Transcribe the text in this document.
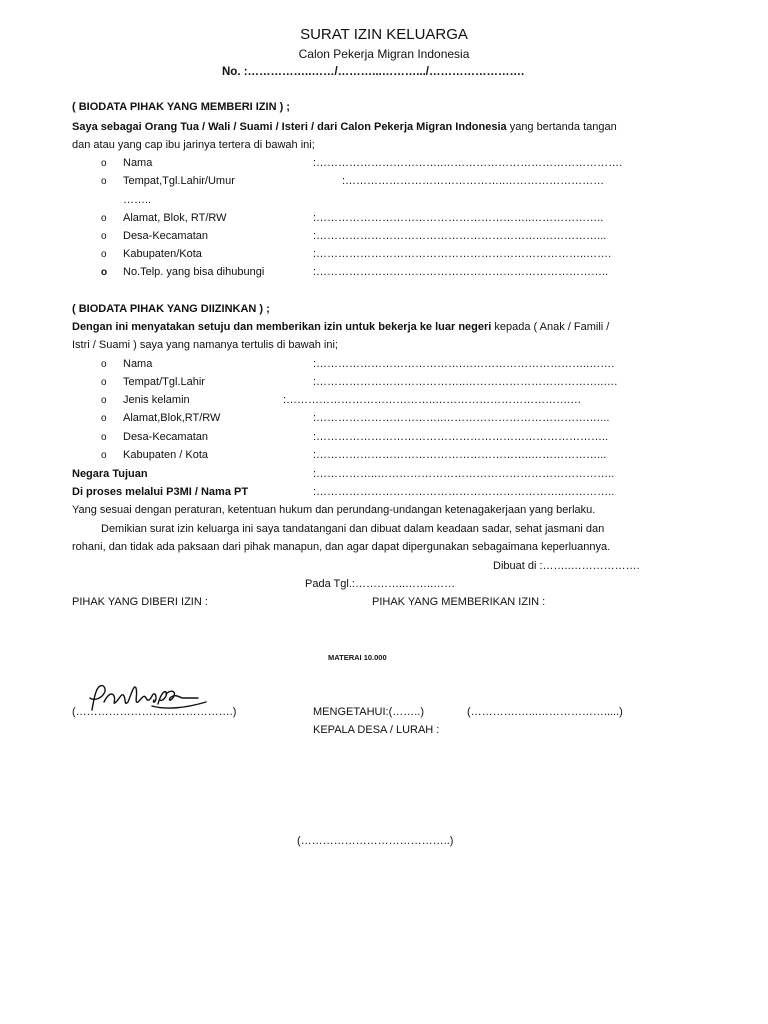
SURAT IZIN KELUARGA
Calon Pekerja Migran Indonesia
No. :……………..……/………...……….../…………………….
( BIODATA PIHAK YANG MEMBERI IZIN ) ;
Saya sebagai Orang Tua / Wali / Suami / Isteri / dari Calon Pekerja Migran Indonesia yang bertanda tangan
dan atau yang cap ibu jarinya tertera di bawah ini;
o Nama	:……………………………..………………………………………….
o Tempat,Tgl.Lahir/Umur	:……………………………………..………………………
……..
o Alamat, Blok, RT/RW	:…………………………………………………..………………..
o Desa-Kecamatan	:……………………………………………………..……………...
o Kabupaten/Kota	:………………………………………………………………..…….
o No.Telp. yang bisa dihubungi	:……………………………………………………………………..
( BIODATA PIHAK YANG DIIZINKAN ) ;
Dengan ini menyatakan setuju dan memberikan izin untuk bekerja ke luar negeri kepada ( Anak / Famili /
Istri / Suami ) saya yang namanya tertulis di bawah ini;
o Nama	:………………………………….……………………………..…….
o Tempat/Tgl.Lahir	:…………………………………..………………………………..….
o Jenis kelamin	:…………………………………..……………………………….…
o Alamat,Blok,RT/RW	:……………………………..………………………………….…...
o Desa-Kecamatan	:……………………………………………………………………..
o Kabupaten / Kota	:…………………………………………………..………………...
Negara Tujuan	:……………..………………………………………………………..
Di proses melalui P3MI / Nama PT	:…………………………………………………………..…………..
Yang sesuai dengan peraturan, ketentuan hukum dan perundang-undangan ketenagakerjaan yang berlaku.
Demikian surat izin keluarga ini saya tandatangani dan dibuat dalam keadaan sadar, sehat jasmani dan
rohani, dan tidak ada paksaan dari pihak manapun, dan agar dapat dipergunakan sebagaimana keperluannya.
Dibuat di :……..……………….
Pada Tgl.:…………..……..……
PIHAK YANG DIBERI IZIN :	PIHAK YANG MEMBERIKAN IZIN :
MATERAI 10.000
(…………………………………….)	MENGETAHUI:(……..)	(………….…...……………….....)
KEPALA DESA / LURAH :
(…………………………………..)
